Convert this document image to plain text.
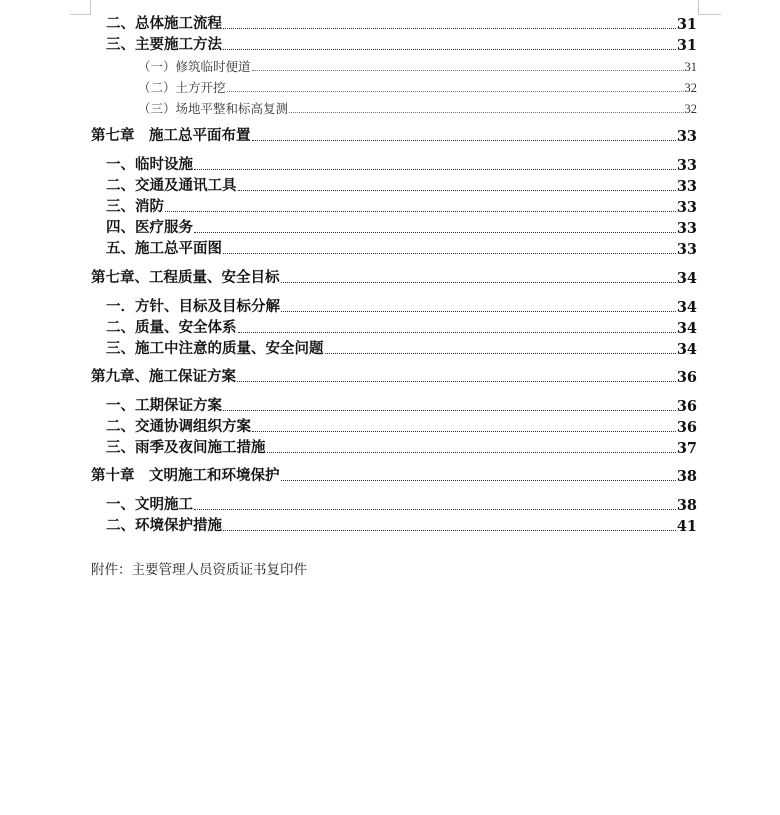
二、总体施工流程	31
三、主要施工方法	31
（一）修筑临时便道	31
（二）土方开挖	32
（三）场地平整和标高复测	32
第七章　施工总平面布置	33
一、临时设施	33
二、交通及通讯工具	33
三、消防	33
四、医疗服务	33
五、施工总平面图	33
第七章、工程质量、安全目标	34
一．方针、目标及目标分解	34
二、质量、安全体系	34
三、施工中注意的质量、安全问题	34
第九章、施工保证方案	36
一、工期保证方案	36
二、交通协调组织方案	36
三、雨季及夜间施工措施	37
第十章　文明施工和环境保护	38
一、文明施工	38
二、环境保护措施	41
附件：主要管理人员资质证书复印件
